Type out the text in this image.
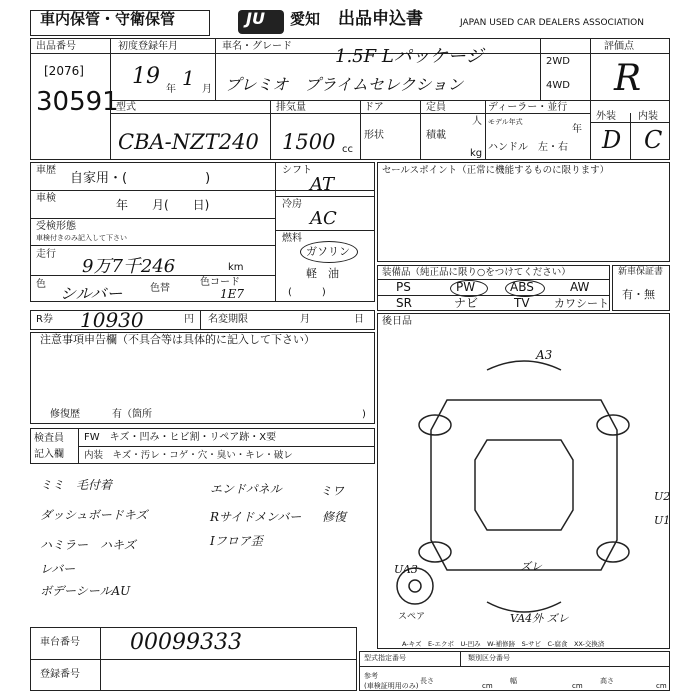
車内保管・守衛保管	JU 愛知 出品申込書	JAPAN USED CAR DEALERS ASSOCIATION
出品番号
[2076]
30591
初度登録年月
19
年 1 月
車名・グレード 1.5F Lパッケージ
プレミオ　プライムセレクション
2WD
4WD
評価点
R
型式
CBA-NZT240
排気量
1500 cc
ドア
形状
定員
人
積載
kg
ディーラー・並行
モデル年式
年
ハンドル　左・右
外装 内装
D C
車歴
自家用・(　　　　　　)
車検	年　　月(　　日)
受検形態
車検付きのみ記入して下さい
走行
9万7千246	km
色 シルバー	色替
色コード
1E7
シフト
AT
冷房
AC
燃料
ガソリン
軽　油
(　　　)
セールスポイント（正常に機能するものに限ります）
装備品（純正品に限り○をつけてください）
PS	PW	ABS	AW
SR	ナビ	TV カワシート
新車保証書
有・無
R券 10930	円 名変期限	月	日
注意事項申告欄（不具合等は具体的に記入して下さい）
修復歴	有（箇所	)
検査員
記入欄
FW　キズ・凹み・ヒビ割・リペア跡・X要
内装　キズ・汚レ・コゲ・穴・臭い・キレ・破レ
ミミ　毛付着	エンドパネル	ミワ
ダッシュボードキズ	Rサイドメンバー 修復
ハミラー　ハキズ	Iフロア歪
レバー
ボデーシールAU
後日品
A3
U2
U1
UA3	ズレ
VA4外 ズレ
スペア
A-キズ　E-エクボ　U-凹み　W-補修跡　S-サビ　C-腐食　XX-交換済
車台番号 00099333
登録番号
型式指定番号	類別区分番号
参考
(車検証明用のみ)
長さ
cm
幅
cm
高さ
cm
